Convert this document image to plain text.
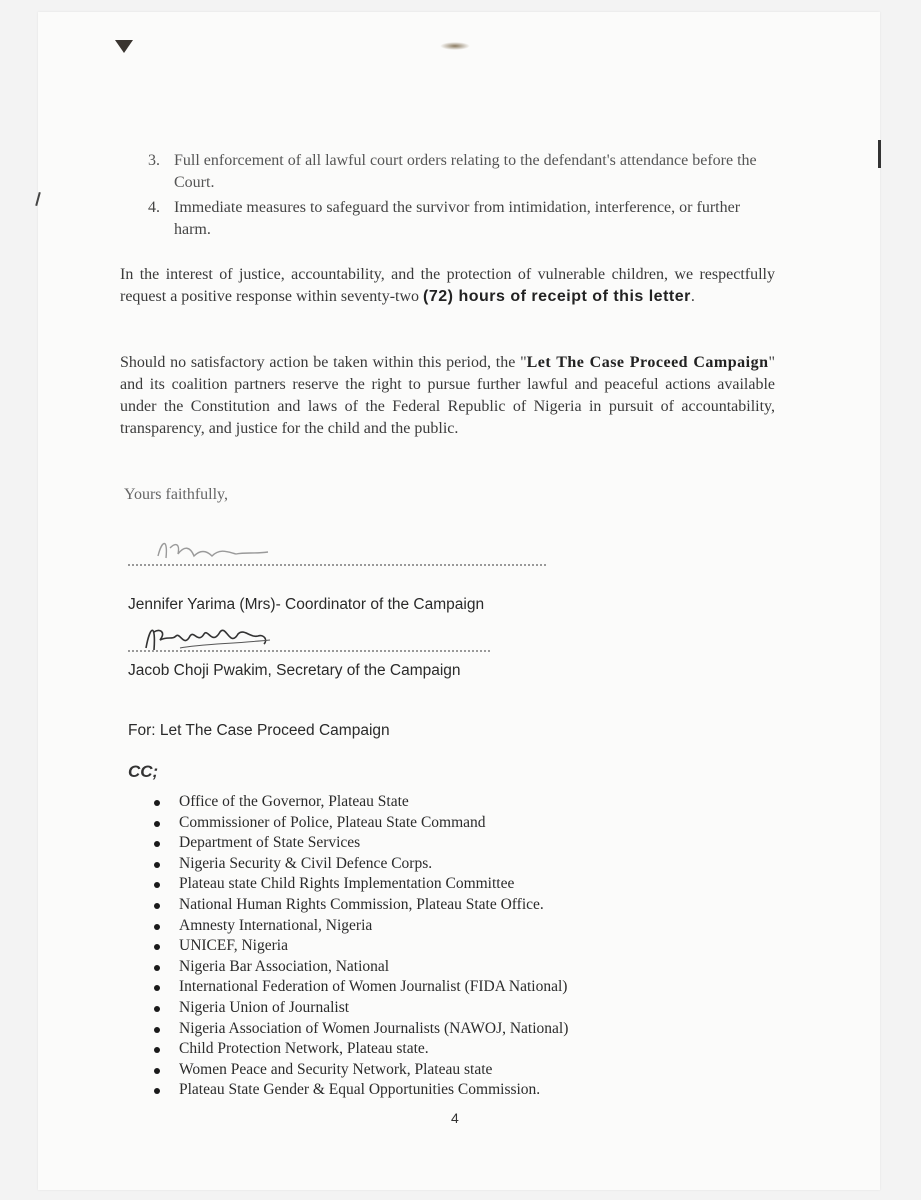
3. Full enforcement of all lawful court orders relating to the defendant's attendance before the Court.
4. Immediate measures to safeguard the survivor from intimidation, interference, or further harm.
In the interest of justice, accountability, and the protection of vulnerable children, we respectfully request a positive response within seventy-two (72) hours of receipt of this letter.
Should no satisfactory action be taken within this period, the "Let The Case Proceed Campaign" and its coalition partners reserve the right to pursue further lawful and peaceful actions available under the Constitution and laws of the Federal Republic of Nigeria in pursuit of accountability, transparency, and justice for the child and the public.
Yours faithfully,
Jennifer Yarima (Mrs)- Coordinator of the Campaign
Jacob Choji Pwakim, Secretary of the Campaign
For: Let The Case Proceed Campaign
CC;
Office of the Governor, Plateau State
Commissioner of Police, Plateau State Command
Department of State Services
Nigeria Security & Civil Defence Corps.
Plateau state Child Rights Implementation Committee
National Human Rights Commission, Plateau State Office.
Amnesty International, Nigeria
UNICEF, Nigeria
Nigeria Bar Association, National
International Federation of Women Journalist (FIDA National)
Nigeria Union of Journalist
Nigeria Association of Women Journalists (NAWOJ, National)
Child Protection Network, Plateau state.
Women Peace and Security Network, Plateau state
Plateau State Gender & Equal Opportunities Commission.
4
